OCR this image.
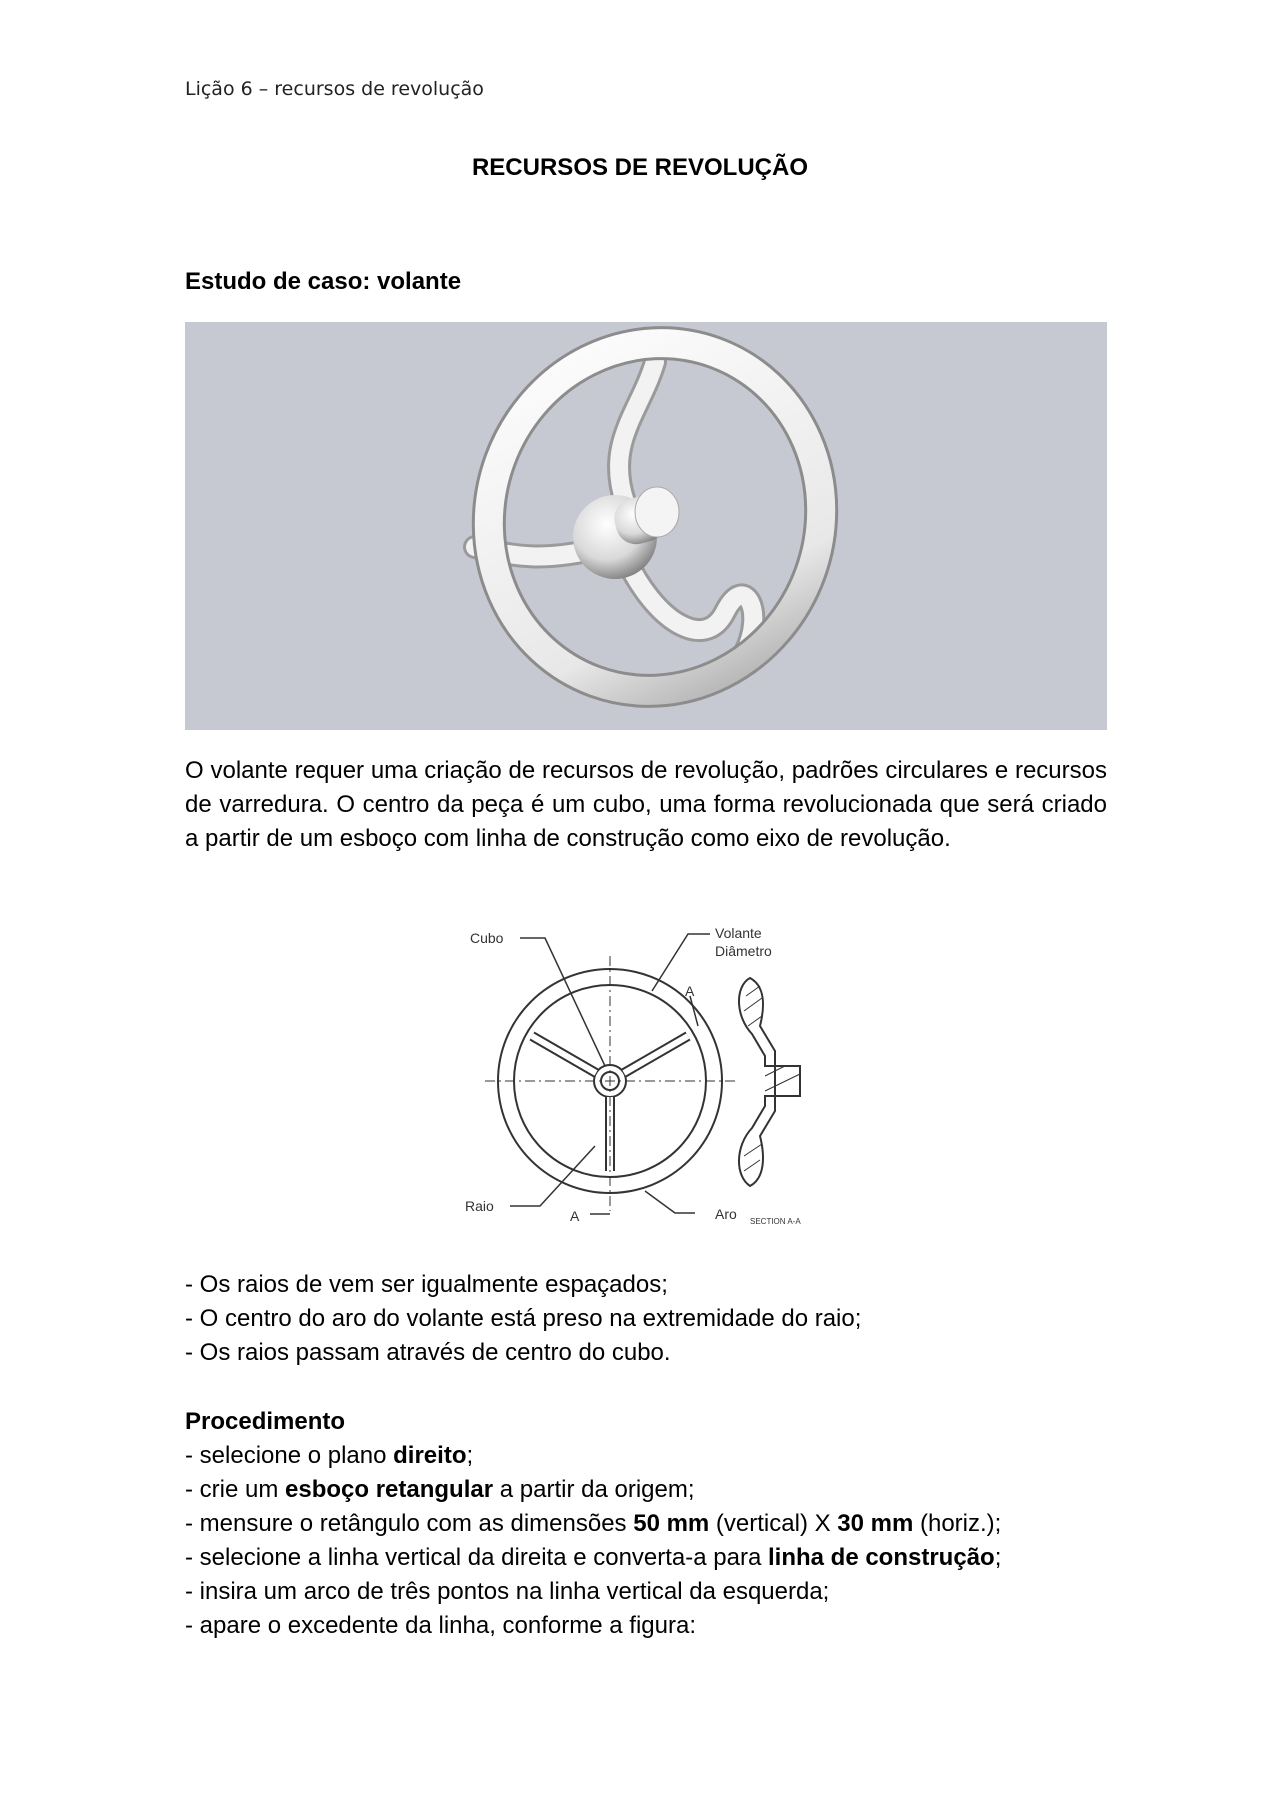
Lição 6 – recursos de revolução
RECURSOS DE REVOLUÇÃO
Estudo de caso: volante
O volante requer uma criação de recursos de revolução, padrões circulares e recursos de varredura. O centro da peça é um cubo, uma forma revolucionada que será criado a partir de um esboço com linha de construção como eixo de revolução.
Cubo	Volante
Diâmetro
A
A
Raio	Aro SECTION A-A

- Os raios de vem ser igualmente espaçados;

- O centro do aro do volante está preso na extremidade do raio;

- Os raios passam através de centro do cubo.

Procedimento

- selecione o plano direito;

- crie um esboço retangular a partir da origem;

- mensure o retângulo com as dimensões 50 mm (vertical) X 30 mm (horiz.);

- selecione a linha vertical da direita e converta-a para linha de construção;

- insira um arco de três pontos na linha vertical da esquerda;

- apare o excedente da linha, conforme a figura:
